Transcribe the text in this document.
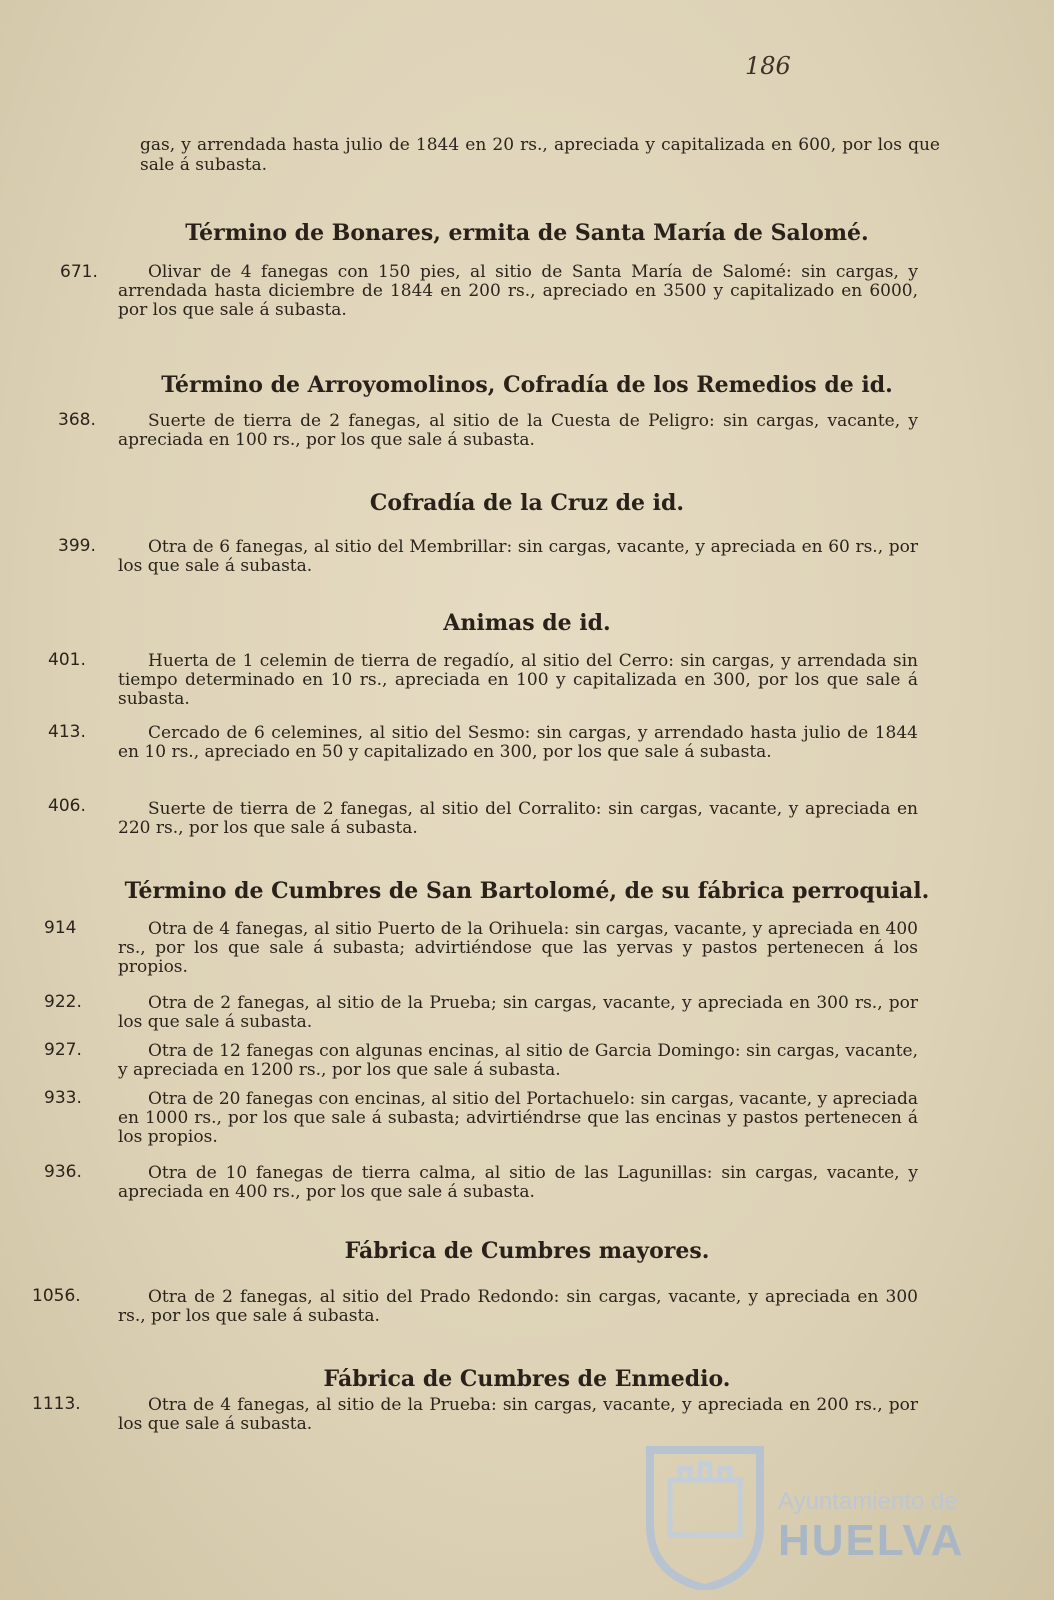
186
gas, y arrendada hasta julio de 1844 en 20 rs., apreciada y capitalizada en 600, por los que sale á subasta.
Término de Bonares, ermita de Santa María de Salomé.
671.	Olivar de 4 fanegas con 150 pies, al sitio de Santa María de Salomé: sin cargas, y arrendada hasta diciembre de 1844 en 200 rs., apreciado en 3500 y capitalizado en 6000, por los que sale á subasta.
Término de Arroyomolinos, Cofradía de los Remedios de id.
368.	Suerte de tierra de 2 fanegas, al sitio de la Cuesta de Peligro: sin cargas, vacante, y apreciada en 100 rs., por los que sale á subasta.
Cofradía de la Cruz de id.
399.	Otra de 6 fanegas, al sitio del Membrillar: sin cargas, vacante, y apreciada en 60 rs., por los que sale á subasta.
Animas de id.
401.	Huerta de 1 celemin de tierra de regadío, al sitio del Cerro: sin cargas, y arrendada sin tiempo determinado en 10 rs., apreciada en 100 y capitalizada en 300, por los que sale á subasta.
413.	Cercado de 6 celemines, al sitio del Sesmo: sin cargas, y arrendado hasta julio de 1844 en 10 rs., apreciado en 50 y capitalizado en 300, por los que sale á subasta.
406.	Suerte de tierra de 2 fanegas, al sitio del Corralito: sin cargas, vacante, y apreciada en 220 rs., por los que sale á subasta.
Término de Cumbres de San Bartolomé, de su fábrica perroquial.
914	Otra de 4 fanegas, al sitio Puerto de la Orihuela: sin cargas, vacante, y apreciada en 400 rs., por los que sale á subasta; advirtiéndose que las yervas y pastos pertenecen á los propios.
922.	Otra de 2 fanegas, al sitio de la Prueba; sin cargas, vacante, y apreciada en 300 rs., por los que sale á subasta.
927.	Otra de 12 fanegas con algunas encinas, al sitio de Garcia Domingo: sin cargas, vacante, y apreciada en 1200 rs., por los que sale á subasta.
933.	Otra de 20 fanegas con encinas, al sitio del Portachuelo: sin cargas, vacante, y apreciada en 1000 rs., por los que sale á subasta; advirtiéndrse que las encinas y pastos pertenecen á los propios.
936.	Otra de 10 fanegas de tierra calma, al sitio de las Lagunillas: sin cargas, vacante, y apreciada en 400 rs., por los que sale á subasta.
Fábrica de Cumbres mayores.
1056.	Otra de 2 fanegas, al sitio del Prado Redondo: sin cargas, vacante, y apreciada en 300 rs., por los que sale á subasta.
Fábrica de Cumbres de Enmedio.
1113.	Otra de 4 fanegas, al sitio de la Prueba: sin cargas, vacante, y apreciada en 200 rs., por los que sale á subasta.
Ayuntamiento de
HUELVA
